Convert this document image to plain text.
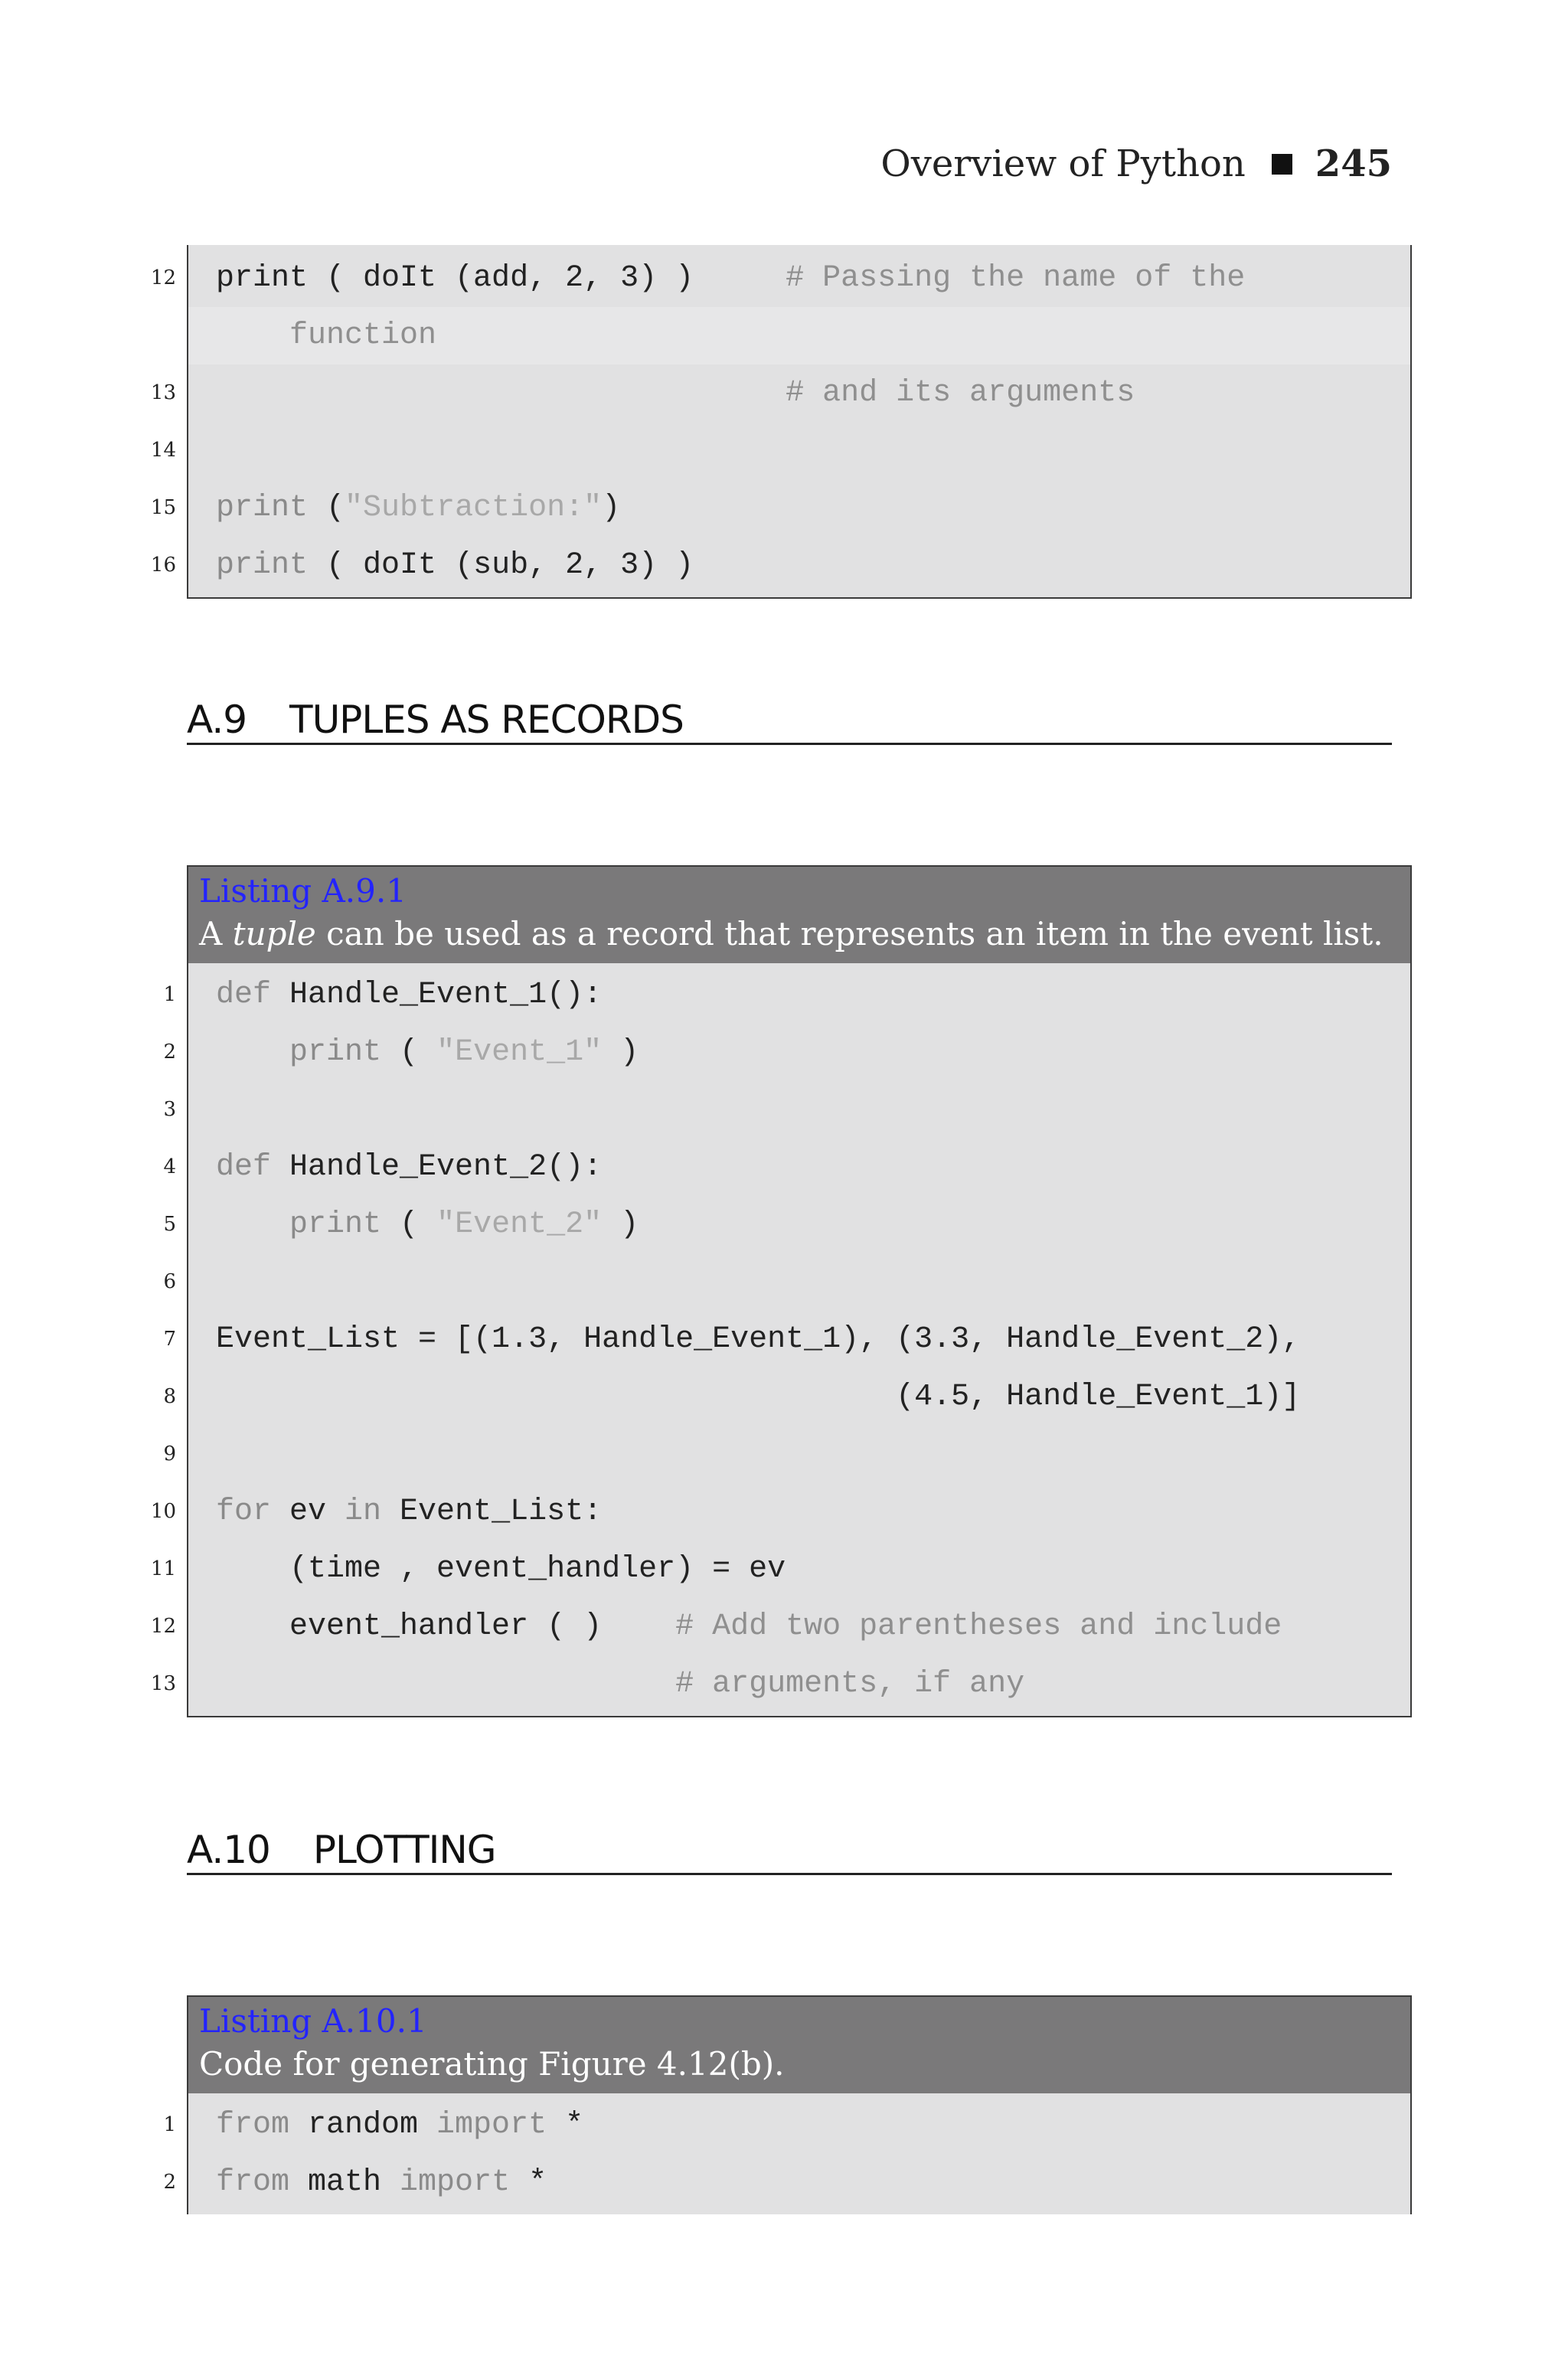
Overview of Python 245
12 print ( doIt (add, 2, 3) )     # Passing the name of the
function
13	# and its arguments
14
15 print ("Subtraction:")
16 print ( doIt (sub, 2, 3) )
A.9 TUPLES AS RECORDS
Listing A.9.1
A tuple can be used as a record that represents an item in the event list.
1 def Handle_Event_1():
2	print ( "Event_1" )
3
4 def Handle_Event_2():
5	print ( "Event_2" )
6
7 Event_List = [(1.3, Handle_Event_1), (3.3, Handle_Event_2),
8 (4.5, Handle_Event_1)]
9
10 for ev in Event_List:
11 (time , event_handler) = ev
12 event_handler ( )    # Add two parentheses and include
13	# arguments, if any
A.10 PLOTTING
Listing A.10.1
Code for generating Figure 4.12(b).
1 from random import *
2 from math import *
